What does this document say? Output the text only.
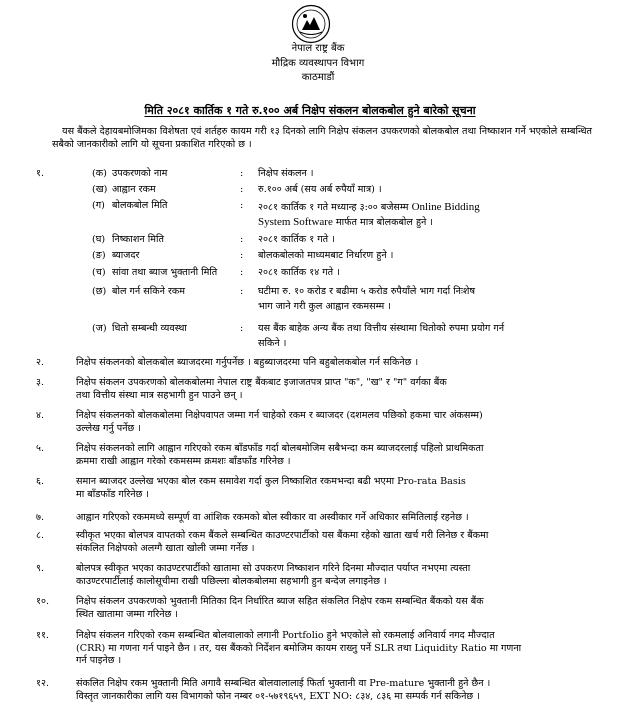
नेपाल राष्ट्र बैंक
मौद्रिक व्यवस्थापन विभाग
काठमाडौं
मिति २०८१ कार्तिक १ गते रु.१०० अर्ब निक्षेप संकलन बोलकबोल हुने बारेको सूचना
यस बैंकले देहायबमोजिमका विशेषता एवं शर्तहरु कायम गरी १३ दिनको लागि निक्षेप संकलन उपकरणको बोलकबोल तथा निष्काशन गर्ने भएकोले सम्बन्धित सबैको जानकारीको लागि यो सूचना प्रकाशित गरिएको छ ।
१.	(क) उपकरणको नाम	: निक्षेप संकलन ।
(ख) आह्वान रकम	: रु.१०० अर्ब (सय अर्ब रुपैयाँ मात्र) ।
(ग) बोलकबोल मिति	: २०८१ कार्तिक १ गते मध्यान्ह ३:०० बजेसम्म Online Bidding
System Software मार्फत मात्र बोलकबोल हुने ।
(घ) निष्काशन मिति	: २०८१ कार्तिक १ गते ।
(ङ) ब्याजदर	: बोलकबोलको माध्यमबाट निर्धारण हुने ।
(च) सांवा तथा ब्याज भुक्तानी मिति : २०८१ कार्तिक १४ गते ।
(छ) बोल गर्न सकिने रकम	: घटीमा रु. १० करोड र बढीमा ५ करोड रुपैयाँले भाग गर्दा निःशेष
भाग जाने गरी कुल आह्वान रकमसम्म ।
(ज) धितो सम्बन्धी व्यवस्था	: यस बैंक बाहेक अन्य बैंक तथा वित्तीय संस्थामा धितोको रुपमा प्रयोग गर्न
सकिने ।
२.	निक्षेप संकलनको बोलकबोल ब्याजदरमा गर्नुपर्नेछ । बहुब्याजदरमा पनि बहुबोलकबोल गर्न सकिनेछ ।
३.	निक्षेप संकलन उपकरणको बोलकबोलमा नेपाल राष्ट्र बैंकबाट इजाजतपत्र प्राप्त "क", "ख" र "ग" वर्गका बैंक
तथा वित्तीय संस्था मात्र सहभागी हुन पाउने छन् ।
४.	निक्षेप संकलनको बोलकबोलमा निक्षेपवापत जम्मा गर्न चाहेको रकम र ब्याजदर (दशमलव पछिको हकमा चार अंकसम्म)
उल्लेख गर्नु पर्नेछ ।
५.	निक्षेप संकलनको लागि आह्वान गरिएको रकम बाँडफाँड गर्दा बोलबमोजिम सबैभन्दा कम ब्याजदरलाई पहिलो प्राथमिकता
क्रममा राखी आह्वान गरेको रकमसम्म क्रमशः बाँडफाँड गरिनेछ ।
६.	समान ब्याजदर उल्लेख भएका बोल रकम समावेश गर्दा कुल निष्काशित रकमभन्दा बढी भएमा Pro-rata Basis
मा बाँडफाँड गरिनेछ ।
७.	आह्वान गरिएको रकममध्ये सम्पूर्ण वा आंशिक रकमको बोल स्वीकार वा अस्वीकार गर्ने अधिकार समितिलाई रहनेछ ।
८.	स्वीकृत भएका बोलपत्र वापतको रकम बैंकले सम्बन्धित काउण्टरपार्टीको यस बैंकमा रहेको खाता खर्च गरी लिनेछ र बैंकमा
संकलित निक्षेपको अलग्गै खाता खोली जम्मा गर्नेछ ।
९.	बोलपत्र स्वीकृत भएका काउण्टरपार्टीको खातामा सो उपकरण निष्काशन गरिने दिनमा मौज्दात पर्याप्त नभएमा त्यस्ता
काउण्टरपार्टीलाई कालोसूचीमा राखी पछिल्ला बोलकबोलमा सहभागी हुन बन्देज लगाइनेछ ।
१०.	निक्षेप संकलन उपकरणको भुक्तानी मितिका दिन निर्धारित ब्याज सहित संकलित निक्षेप रकम सम्बन्धित बैंकको यस बैंक
स्थित खातामा जम्मा गरिनेछ ।
११.	निक्षेप संकलन गरिएको रकम सम्बन्धित बोलवालाको लगानी Portfolio हुने भएकोले सो रकमलाई अनिवार्य नगद मौज्दात
(CRR) मा गणना गर्न पाइने छैन । तर, यस बैंकको निर्देशन बमोजिम कायम राख्नु पर्ने SLR तथा Liquidity Ratio मा गणना
गर्न पाइनेछ ।
१२.	संकलित निक्षेप रकम भुक्तानी मिति अगावै सम्बन्धित बोलवालालाई फिर्ता भुक्तानी वा Pre-mature भुक्तानी हुने छैन ।
विस्तृत जानकारीका लागि यस विभागको फोन नम्बर ०१-५७१९६५९, EXT NO: ८३४, ८३६ मा सम्पर्क गर्न सकिनेछ ।
